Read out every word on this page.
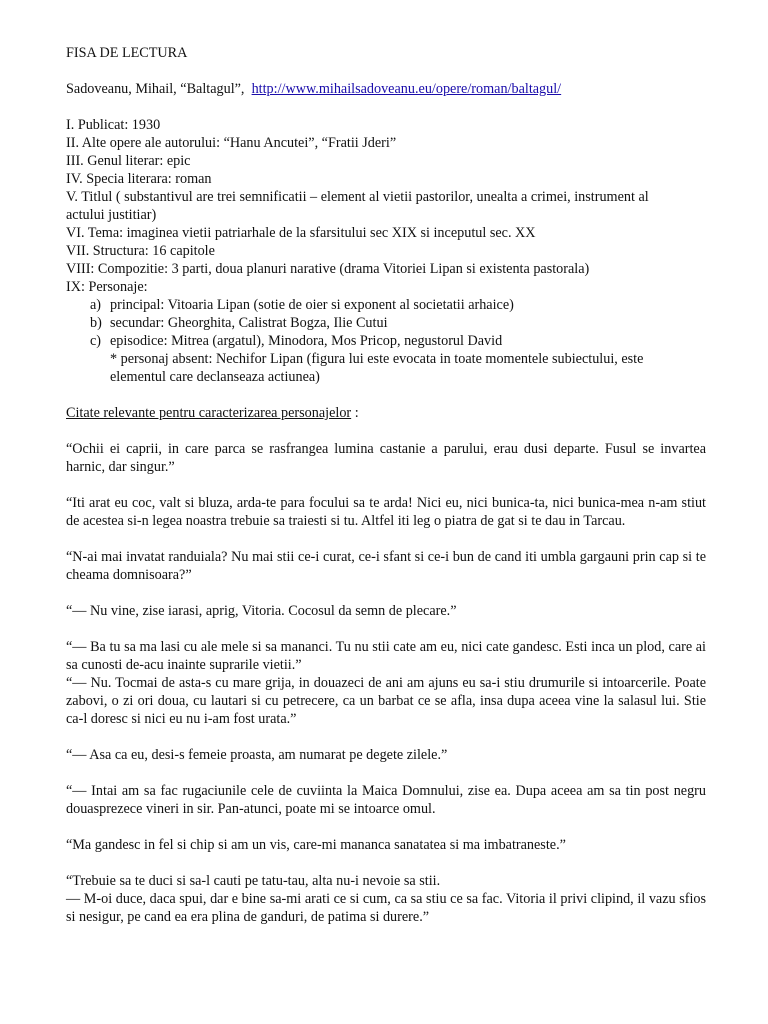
FISA DE LECTURA

Sadoveanu, Mihail, “Baltagul”, http://www.mihailsadoveanu.eu/opere/roman/baltagul/

I. Publicat: 1930

II. Alte opere ale autorului: “Hanu Ancutei”, “Fratii Jderi”

III. Genul literar: epic

IV. Specia literara: roman

V. Titlul ( substantivul are trei semnificatii – element al vietii pastorilor, unealta a crimei, instrument al

actului justitiar)

VI. Tema: imaginea vietii patriarhale de la sfarsitului sec XIX si inceputul sec. XX

VII. Structura: 16 capitole

VIII: Compozitie: 3 parti, doua planuri narative (drama Vitoriei Lipan si existenta pastorala)

IX: Personaje:

a) principal: Vitoaria Lipan (sotie de oier si exponent al societatii arhaice)

b) secundar: Gheorghita, Calistrat Bogza, Ilie Cutui

c) episodice: Mitrea (argatul), Minodora, Mos Pricop, negustorul David

* personaj absent: Nechifor Lipan (figura lui este evocata in toate momentele subiectului, este

elementul care declanseaza actiunea)

Citate relevante pentru caracterizarea personajelor :

“Ochii ei caprii, in care parca se rasfrangea lumina castanie a parului, erau dusi departe. Fusul se invartea harnic, dar singur.”

“Iti arat eu coc, valt si bluza, arda-te para focului sa te arda! Nici eu, nici bunica-ta, nici bunica-mea n-am stiut de acestea si-n legea noastra trebuie sa traiesti si tu. Altfel iti leg o piatra de gat si te dau in Tarcau.

“N-ai mai invatat randuiala? Nu mai stii ce-i curat, ce-i sfant si ce-i bun de cand iti umbla gargauni prin cap si te cheama domnisoara?”

“— Nu vine, zise iarasi, aprig, Vitoria. Cocosul da semn de plecare.”

“— Ba tu sa ma lasi cu ale mele si sa mananci. Tu nu stii cate am eu, nici cate gandesc. Esti inca un plod, care ai sa cunosti de-acu inainte suprarile vietii.”

“— Nu. Tocmai de asta-s cu mare grija, in douazeci de ani am ajuns eu sa-i stiu drumurile si intoarcerile. Poate zabovi, o zi ori doua, cu lautari si cu petrecere, ca un barbat ce se afla, insa dupa aceea vine la salasul lui. Stie ca-l doresc si nici eu nu i-am fost urata.”

“— Asa ca eu, desi-s femeie proasta, am numarat pe degete zilele.”

“— Intai am sa fac rugaciunile cele de cuviinta la Maica Domnului, zise ea. Dupa aceea am sa tin post negru douasprezece vineri in sir. Pan-atunci, poate mi se intoarce omul.

“Ma gandesc in fel si chip si am un vis, care-mi mananca sanatatea si ma imbatraneste.”

“Trebuie sa te duci si sa-l cauti pe tatu-tau, alta nu-i nevoie sa stii.

— M-oi duce, daca spui, dar e bine sa-mi arati ce si cum, ca sa stiu ce sa fac. Vitoria il privi clipind, il vazu sfios si nesigur, pe cand ea era plina de ganduri, de patima si durere.”
